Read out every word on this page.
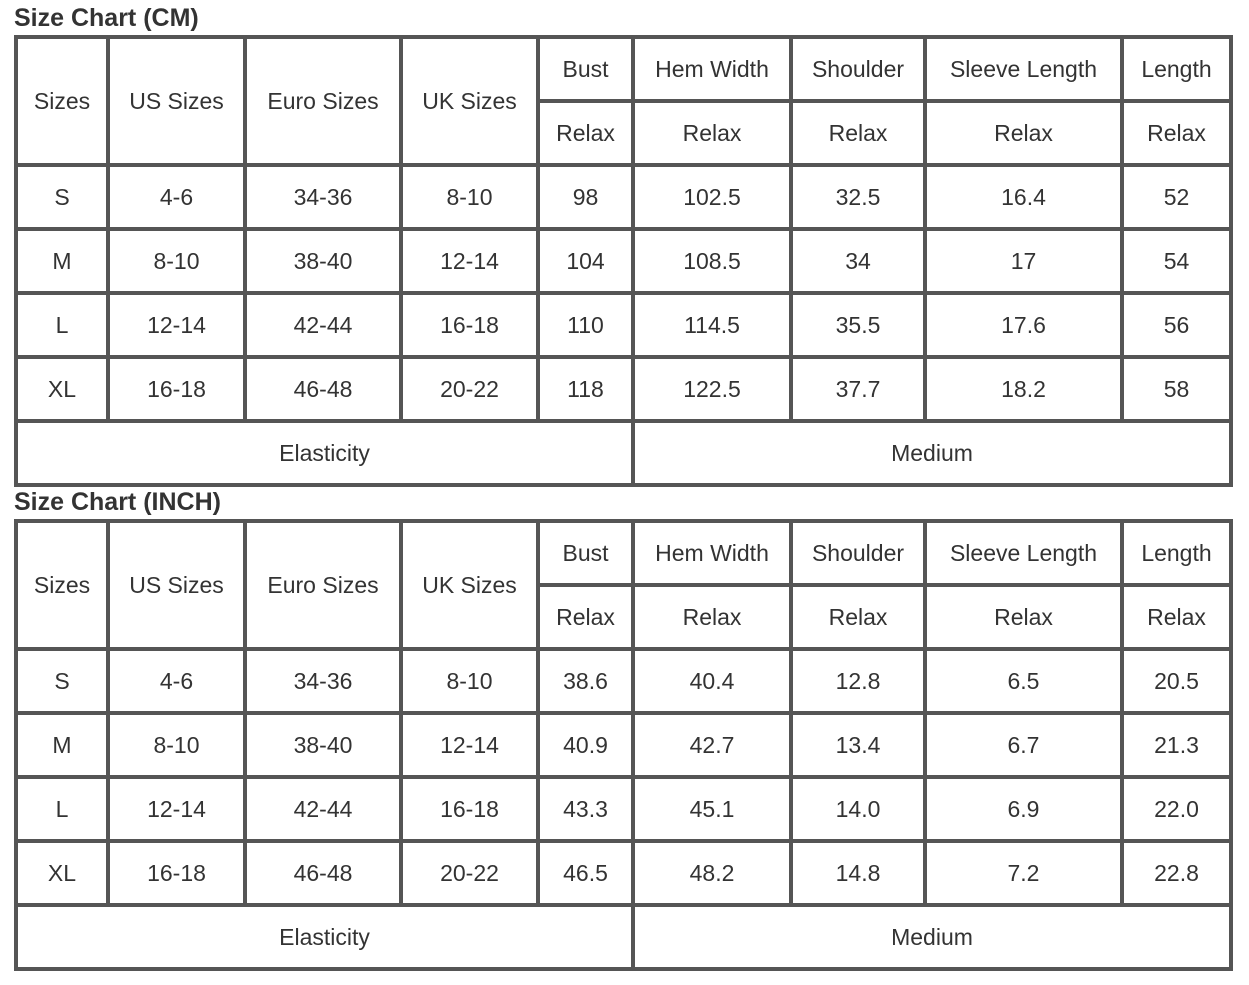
Size Chart (CM)
Sizes	US Sizes	Euro Sizes	UK Sizes	Bust	Hem Width	Shoulder	Sleeve Length	Length
				Relax	Relax	Relax	Relax	Relax
S	4-6	34-36	8-10	98	102.5	32.5	16.4	52
M	8-10	38-40	12-14	104	108.5	34	17	54
L	12-14	42-44	16-18	110	114.5	35.5	17.6	56
XL	16-18	46-48	20-22	118	122.5	37.7	18.2	58
Elasticity					Medium			
Size Chart (INCH)
Sizes	US Sizes	Euro Sizes	UK Sizes	Bust	Hem Width	Shoulder	Sleeve Length	Length
				Relax	Relax	Relax	Relax	Relax
S	4-6	34-36	8-10	38.6	40.4	12.8	6.5	20.5
M	8-10	38-40	12-14	40.9	42.7	13.4	6.7	21.3
L	12-14	42-44	16-18	43.3	45.1	14.0	6.9	22.0
XL	16-18	46-48	20-22	46.5	48.2	14.8	7.2	22.8
Elasticity					Medium			
